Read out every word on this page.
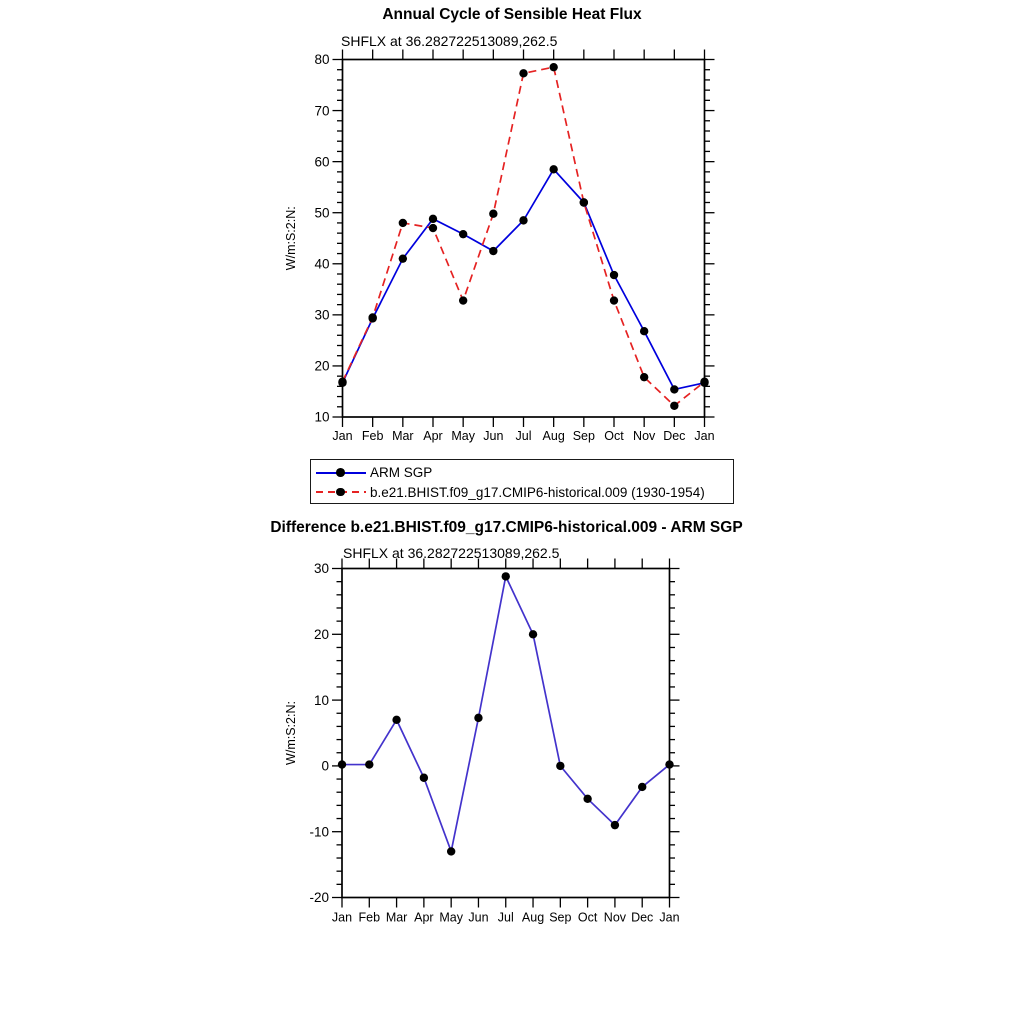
Annual Cycle of Sensible Heat Flux
SHFLX at 36.282722513089,262.5
10
20
30
40
50
60
70
80
Jan Feb Mar Apr May Jun Jul Aug Sep Oct Nov Dec Jan
W/m:S:2:N:
-20
-10
0
10
20
30
Jan Feb Mar Apr May Jun Jul Aug Sep Oct Nov Dec Jan
W/m:S:2:N:
ARM SGP
b.e21.BHIST.f09_g17.CMIP6-historical.009 (1930-1954)
Difference b.e21.BHIST.f09_g17.CMIP6-historical.009 - ARM SGP
SHFLX at 36.282722513089,262.5
